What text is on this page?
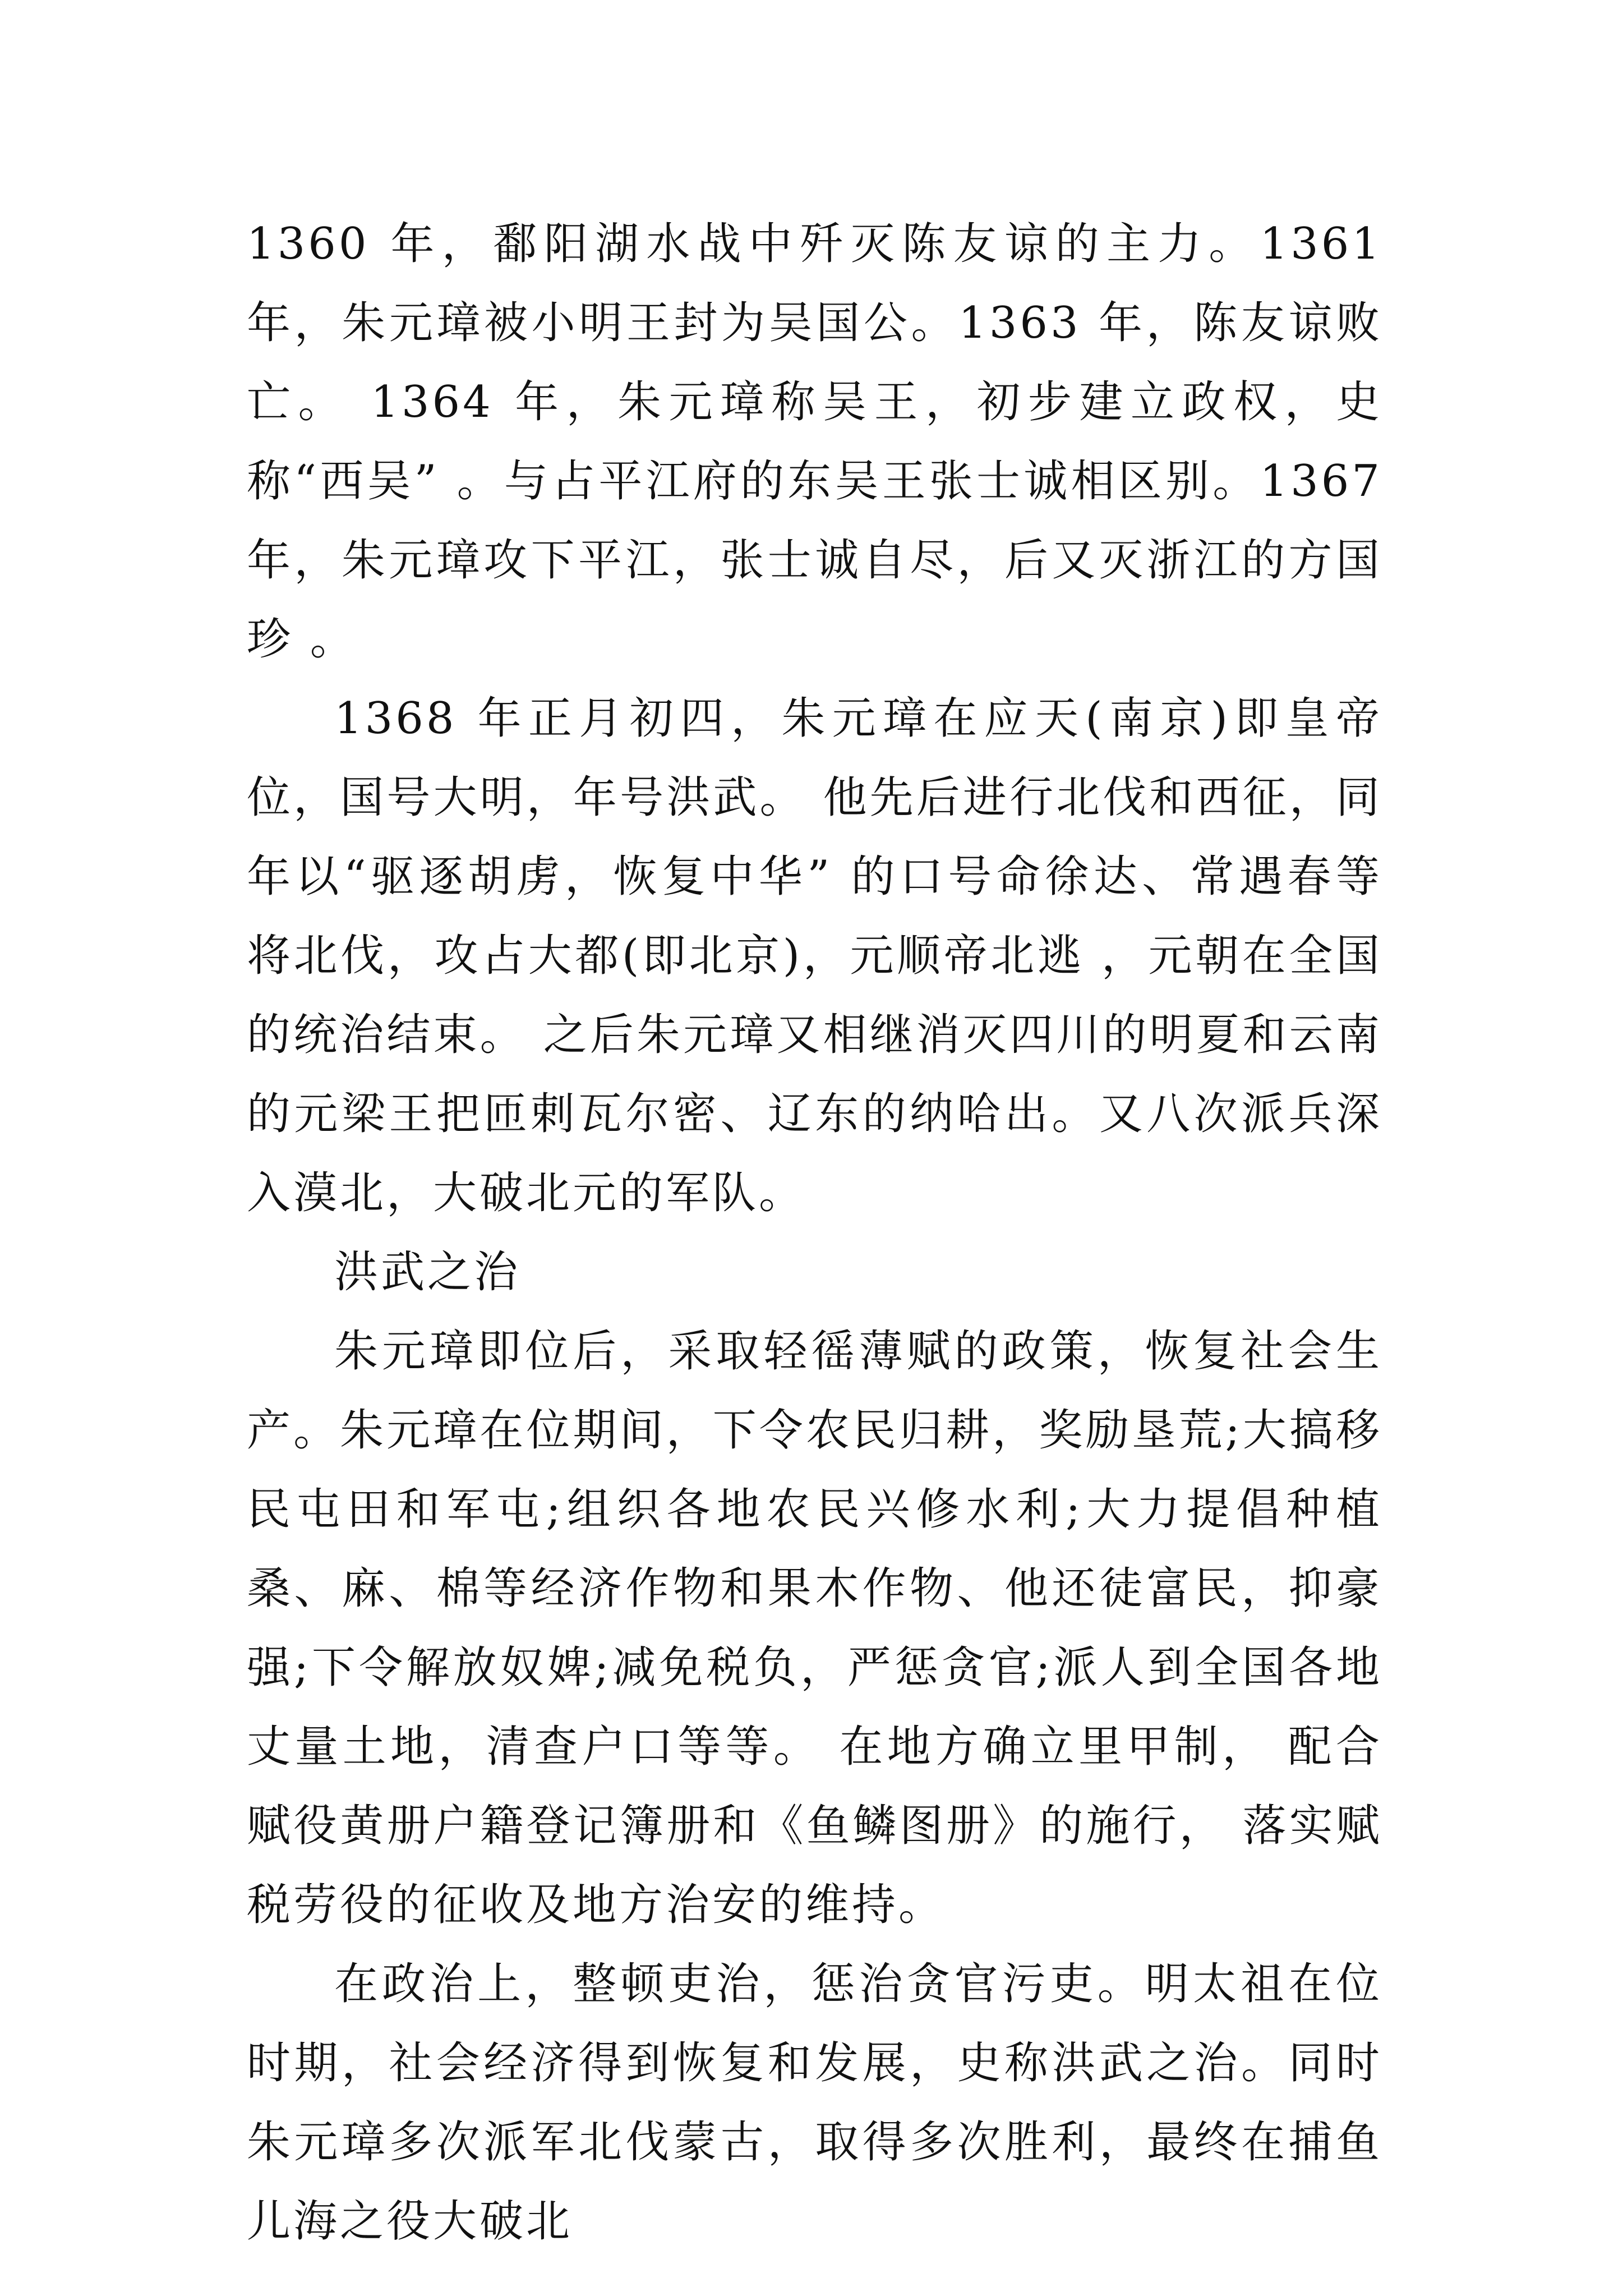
1360 年，鄱阳湖水战中歼灭陈友谅的主力。1361 年，朱元璋被小明王封为吴国公。1363 年，陈友谅败亡。 1364 年，朱元璋称吴王，初步建立政权，史称“西吴” 。与占平江府的东吴王张士诚相区别。1367 年，朱元璋攻下平江，张士诚自尽，后又灭浙江的方国珍 。

1368 年正月初四，朱元璋在应天(南京)即皇帝位，国号大明，年号洪武。 他先后进行北伐和西征，同年以“驱逐胡虏，恢复中华” 的口号命徐达、常遇春等将北伐，攻占大都(即北京)，元顺帝北逃 ，元朝在全国的统治结束。 之后朱元璋又相继消灭四川的明夏和云南的元梁王把匝剌瓦尔密、辽东的纳哈出。又八次派兵深入漠北，大破北元的军队。

洪武之治

朱元璋即位后，采取轻徭薄赋的政策，恢复社会生产。朱元璋在位期间，下令农民归耕，奖励垦荒;大搞移民屯田和军屯;组织各地农民兴修水利;大力提倡种植桑、麻、棉等经济作物和果木作物、他还徒富民，抑豪强;下令解放奴婢;减免税负，严惩贪官;派人到全国各地丈量土地，清查户口等等。 在地方确立里甲制， 配合赋役黄册户籍登记簿册和《鱼鳞图册》的施行， 落实赋税劳役的征收及地方治安的维持。

在政治上，整顿吏治，惩治贪官污吏。明太祖在位时期，社会经济得到恢复和发展，史称洪武之治。同时朱元璋多次派军北伐蒙古，取得多次胜利，最终在捕鱼儿海之役大破北
